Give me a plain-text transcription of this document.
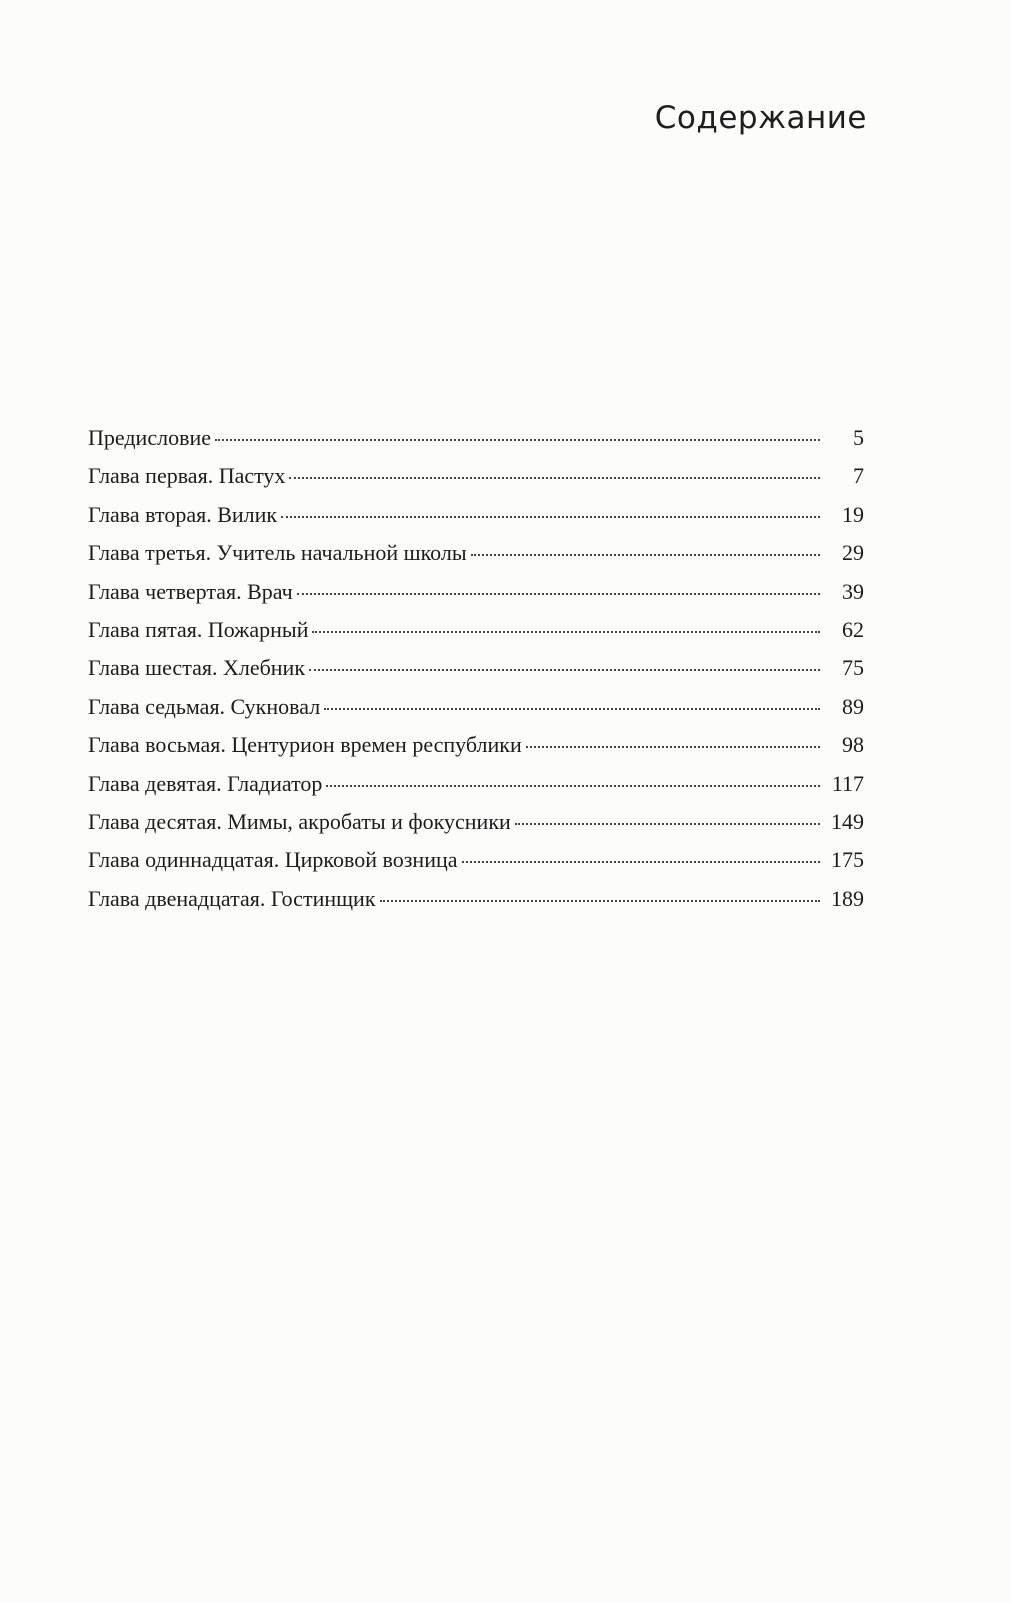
Содержание
Предисловие	5
Глава первая. Пастух	7
Глава вторая. Вилик	19
Глава третья. Учитель начальной школы	29
Глава четвертая. Врач	39
Глава пятая. Пожарный	62
Глава шестая. Хлебник	75
Глава седьмая. Сукновал	89
Глава восьмая. Центурион времен республики	98
Глава девятая. Гладиатор	117
Глава десятая. Мимы, акробаты и фокусники	149
Глава одиннадцатая. Цирковой возница	175
Глава двенадцатая. Гостинщик	189
